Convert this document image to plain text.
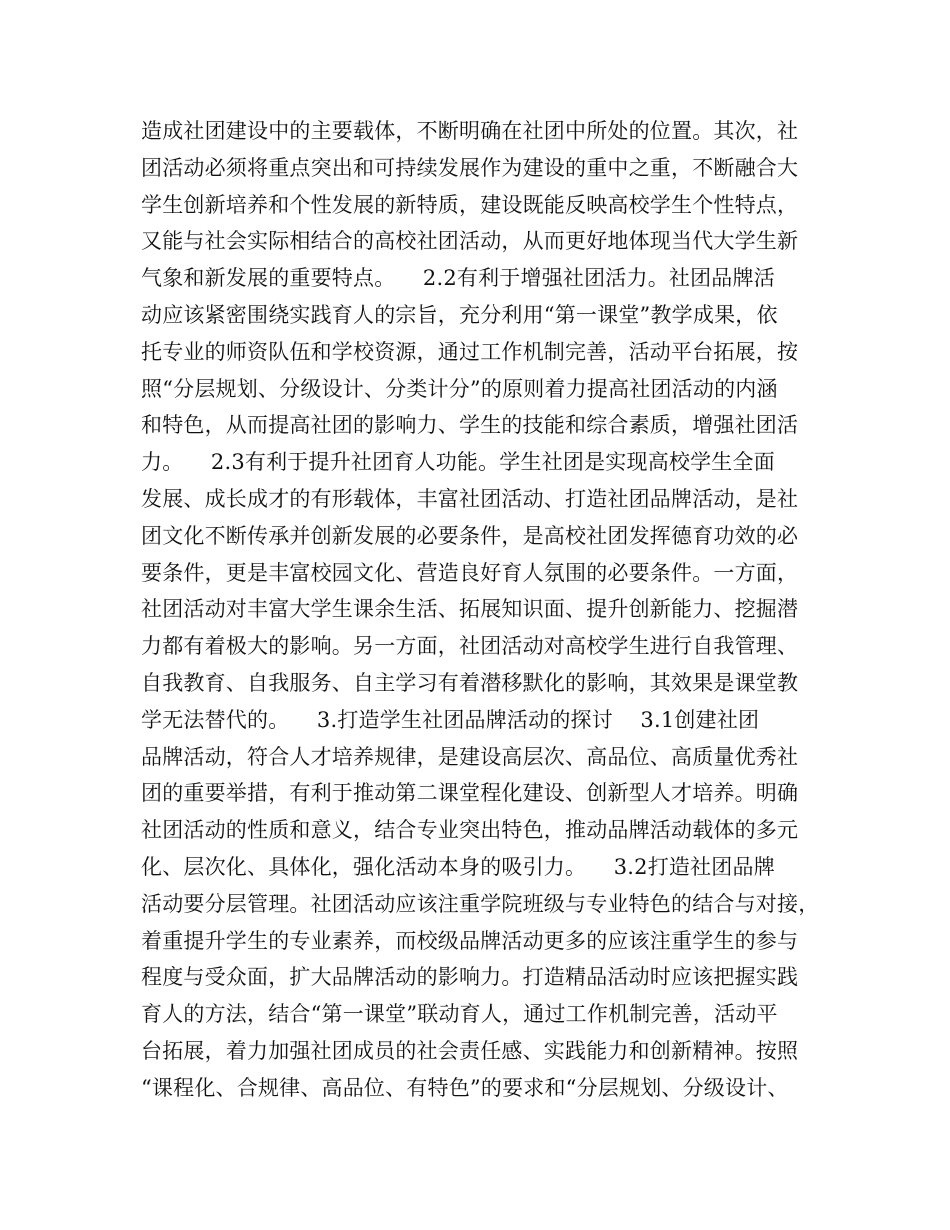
造成社团建设中的主要载体，不断明确在社团中所处的位置。其次，社
团活动必须将重点突出和可持续发展作为建设的重中之重，不断融合大
学生创新培养和个性发展的新特质，建设既能反映高校学生个性特点，
又能与社会实际相结合的高校社团活动，从而更好地体现当代大学生新
气象和新发展的重要特点。    2.2有利于增强社团活力。社团品牌活
动应该紧密围绕实践育人的宗旨，充分利用“第一课堂”教学成果，依
托专业的师资队伍和学校资源，通过工作机制完善，活动平台拓展，按
照“分层规划、分级设计、分类计分”的原则着力提高社团活动的内涵
和特色，从而提高社团的影响力、学生的技能和综合素质，增强社团活
力。    2.3有利于提升社团育人功能。学生社团是实现高校学生全面
发展、成长成才的有形载体，丰富社团活动、打造社团品牌活动，是社
团文化不断传承并创新发展的必要条件，是高校社团发挥德育功效的必
要条件，更是丰富校园文化、营造良好育人氛围的必要条件。一方面，
社团活动对丰富大学生课余生活、拓展知识面、提升创新能力、挖掘潜
力都有着极大的影响。另一方面，社团活动对高校学生进行自我管理、
自我教育、自我服务、自主学习有着潜移默化的影响，其效果是课堂教
学无法替代的。    3.打造学生社团品牌活动的探讨    3.1创建社团
品牌活动，符合人才培养规律，是建设高层次、高品位、高质量优秀社
团的重要举措，有利于推动第二课堂程化建设、创新型人才培养。明确
社团活动的性质和意义，结合专业突出特色，推动品牌活动载体的多元
化、层次化、具体化，强化活动本身的吸引力。    3.2打造社团品牌
活动要分层管理。社团活动应该注重学院班级与专业特色的结合与对接，
着重提升学生的专业素养，而校级品牌活动更多的应该注重学生的参与
程度与受众面，扩大品牌活动的影响力。打造精品活动时应该把握实践
育人的方法，结合“第一课堂”联动育人，通过工作机制完善，活动平
台拓展，着力加强社团成员的社会责任感、实践能力和创新精神。按照
“课程化、合规律、高品位、有特色”的要求和“分层规划、分级设计、
